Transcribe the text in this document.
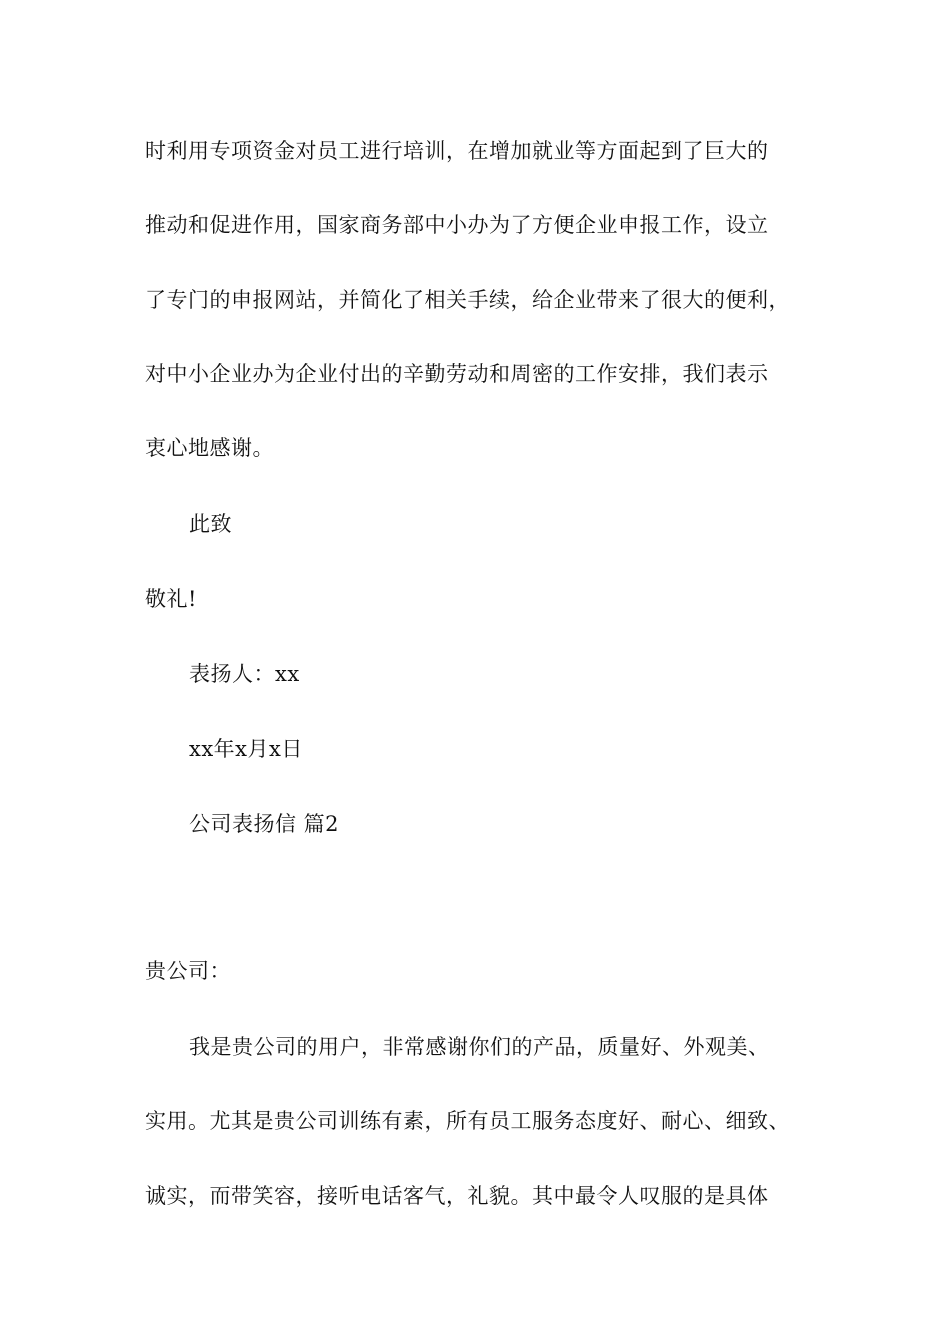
时利用专项资金对员工进行培训，在增加就业等方面起到了巨大的
推动和促进作用，国家商务部中小办为了方便企业申报工作，设立
了专门的申报网站，并简化了相关手续，给企业带来了很大的便利，
对中小企业办为企业付出的辛勤劳动和周密的工作安排，我们表示
衷心地感谢。
此致
敬礼!
表扬人：xx
xx年x月x日
公司表扬信 篇2
贵公司：
我是贵公司的用户，非常感谢你们的产品，质量好、外观美、
实用。尤其是贵公司训练有素，所有员工服务态度好、耐心、细致、
诚实，而带笑容，接听电话客气，礼貌。其中最令人叹服的是具体
